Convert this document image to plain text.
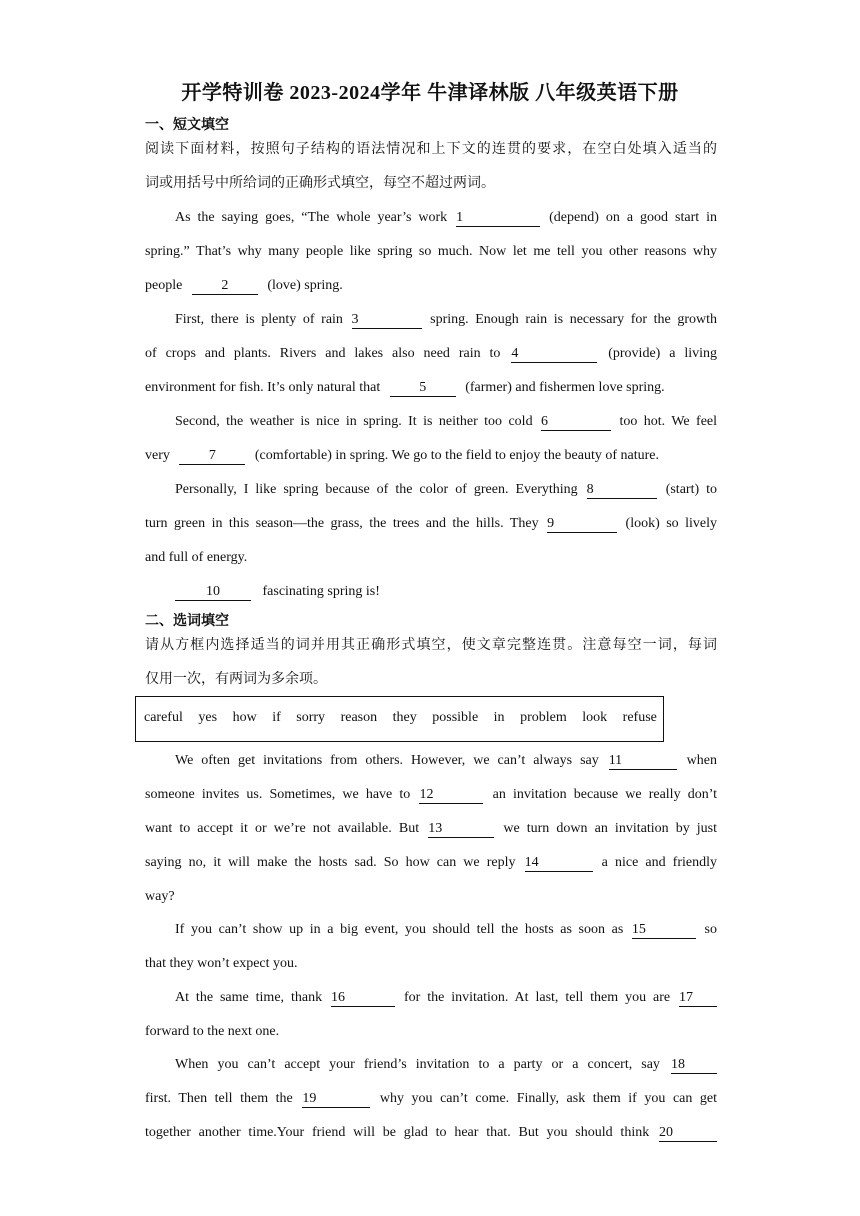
开学特训卷 2023-2024学年 牛津译林版 八年级英语下册
一、短文填空
阅读下面材料，按照句子结构的语法情况和上下文的连贯的要求，在空白处填入适当的
词或用括号中所给词的正确形式填空，每空不超过两词。
As the saying goes, “The whole year’s work 1	(depend) on a good start in
spring.” That’s why many people like spring so much. Now let me tell you other reasons why
people	2	(love) spring.
First, there is plenty of rain 3	spring. Enough rain is necessary for the growth
of crops and plants. Rivers and lakes also need rain to 4	(provide) a living
environment for fish. It’s only natural that	5	(farmer) and fishermen love spring.
Second, the weather is nice in spring. It is neither too cold 6	too hot. We feel
very	7	(comfortable) in spring. We go to the field to enjoy the beauty of nature.
Personally, I like spring because of the color of green. Everything 8	(start) to
turn green in this season—the grass, the trees and the hills. They 9	(look) so lively
and full of energy.
10	fascinating spring is!
二、选词填空
请从方框内选择适当的词并用其正确形式填空，使文章完整连贯。注意每空一词，每词
仅用一次，有两词为多余项。
careful yes how if sorry reason they possible in problem look refuse
We often get invitations from others. However, we can’t always say 11	when
someone invites us. Sometimes, we have to 12	an invitation because we really don’t
want to accept it or we’re not available. But 13	we turn down an invitation by just
saying no, it will make the hosts sad. So how can we reply 14	a nice and friendly
way?
If you can’t show up in a big event, you should tell the hosts as soon as 15	so
that they won’t expect you.
At the same time, thank 16	for the invitation. At last, tell them you are 17
forward to the next one.
When you can’t accept your friend’s invitation to a party or a concert, say 18
first. Then tell them the 19	why you can’t come. Finally, ask them if you can get
together another time.Your friend will be glad to hear that. But you should think 20
